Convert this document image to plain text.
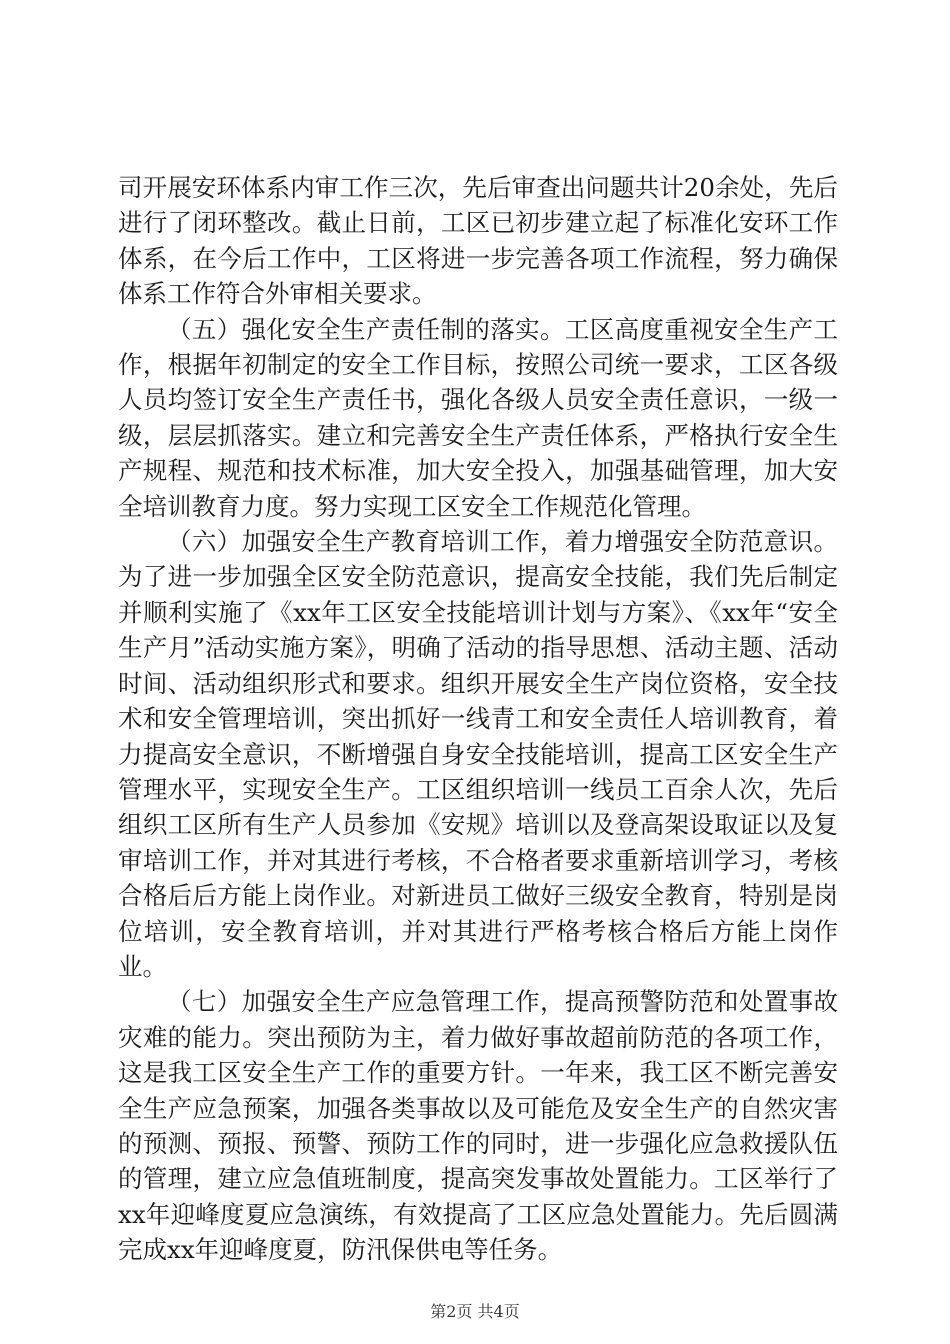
司开展安环体系内审工作三次，先后审查出问题共计20余处，先后进行了闭环整改。截止日前，工区已初步建立起了标准化安环工作体系，在今后工作中，工区将进一步完善各项工作流程，努力确保体系工作符合外审相关要求。

（五）强化安全生产责任制的落实。工区高度重视安全生产工作，根据年初制定的安全工作目标，按照公司统一要求，工区各级人员均签订安全生产责任书，强化各级人员安全责任意识，一级一级，层层抓落实。建立和完善安全生产责任体系，严格执行安全生产规程、规范和技术标准，加大安全投入，加强基础管理，加大安全培训教育力度。努力实现工区安全工作规范化管理。

（六）加强安全生产教育培训工作，着力增强安全防范意识。为了进一步加强全区安全防范意识，提高安全技能，我们先后制定并顺利实施了《xx年工区安全技能培训计划与方案》、《xx年“安全生产月”活动实施方案》，明确了活动的指导思想、活动主题、活动时间、活动组织形式和要求。组织开展安全生产岗位资格，安全技术和安全管理培训，突出抓好一线青工和安全责任人培训教育，着力提高安全意识，不断增强自身安全技能培训，提高工区安全生产管理水平，实现安全生产。工区组织培训一线员工百余人次，先后组织工区所有生产人员参加《安规》培训以及登高架设取证以及复审培训工作，并对其进行考核，不合格者要求重新培训学习，考核合格后后方能上岗作业。对新进员工做好三级安全教育，特别是岗位培训，安全教育培训，并对其进行严格考核合格后方能上岗作业。

（七）加强安全生产应急管理工作，提高预警防范和处置事故灾难的能力。突出预防为主，着力做好事故超前防范的各项工作，这是我工区安全生产工作的重要方针。一年来，我工区不断完善安全生产应急预案，加强各类事故以及可能危及安全生产的自然灾害的预测、预报、预警、预防工作的同时，进一步强化应急救援队伍的管理，建立应急值班制度，提高突发事故处置能力。工区举行了xx年迎峰度夏应急演练，有效提高了工区应急处置能力。先后圆满完成xx年迎峰度夏，防汛保供电等任务。

第2页 共4页
